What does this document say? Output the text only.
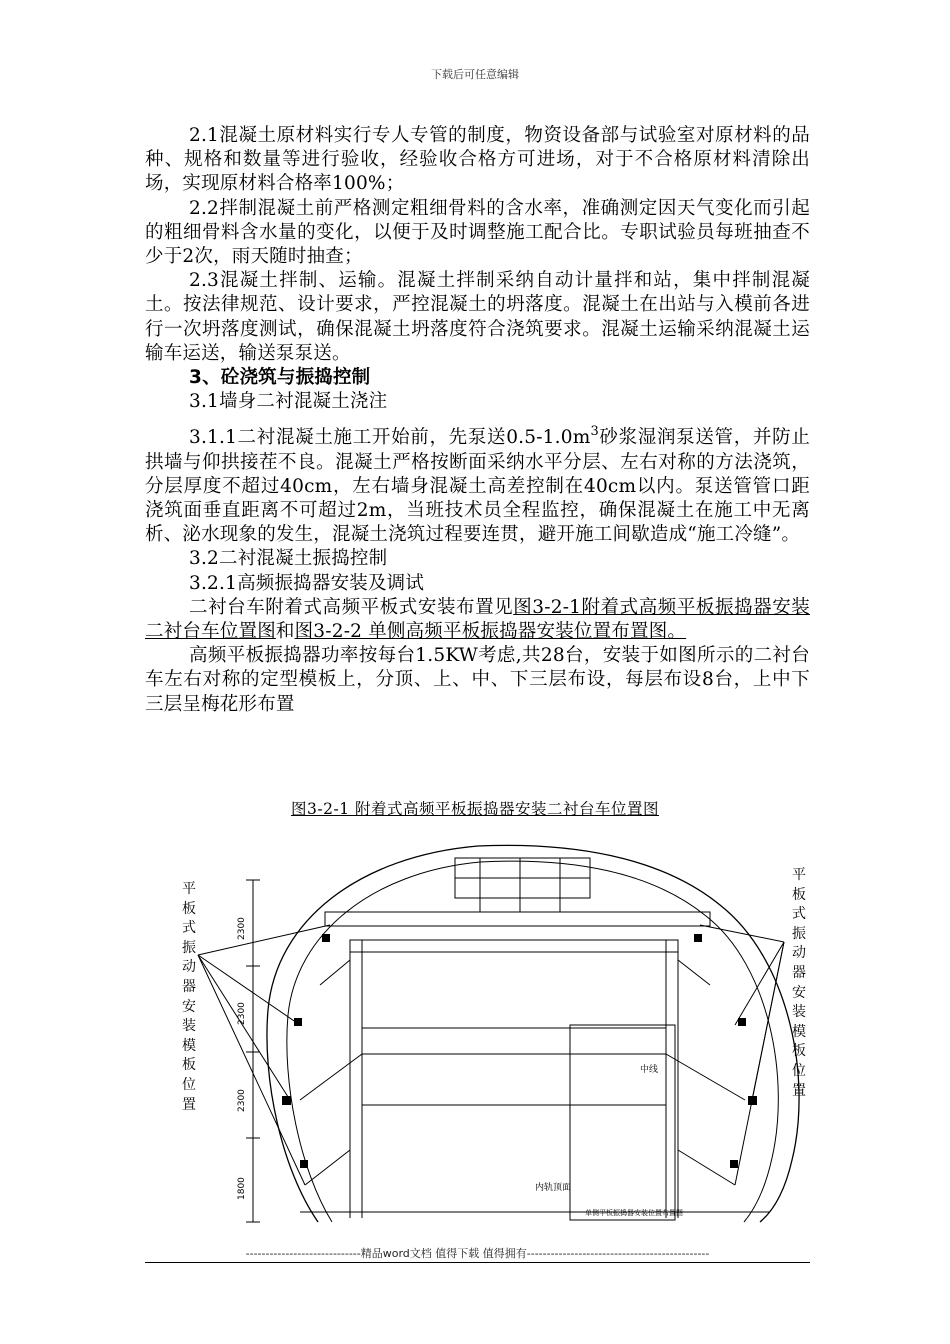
下载后可任意编辑

2.1混凝土原材料实行专人专管的制度，物资设备部与试验室对原材料的品种、规格和数量等进行验收，经验收合格方可进场，对于不合格原材料清除出场，实现原材料合格率100%；

2.2拌制混凝土前严格测定粗细骨料的含水率，准确测定因天气变化而引起的粗细骨料含水量的变化，以便于及时调整施工配合比。专职试验员每班抽查不少于2次，雨天随时抽查；

2.3混凝土拌制、运输。混凝土拌制采纳自动计量拌和站，集中拌制混凝土。按法律规范、设计要求，严控混凝土的坍落度。混凝土在出站与入模前各进行一次坍落度测试，确保混凝土坍落度符合浇筑要求。混凝土运输采纳混凝土运输车运送，输送泵泵送。

3、砼浇筑与振捣控制

3.1墙身二衬混凝土浇注

3.1.1二衬混凝土施工开始前，先泵送$0.5-1.0m^3$砂浆湿润泵送管，并防止拱墙与仰拱接茬不良。混凝土严格按断面采纳水平分层、左右对称的方法浇筑，分层厚度不超过40cm，左右墙身混凝土高差控制在40cm以内。泵送管管口距浇筑面垂直距离不可超过2m，当班技术员全程监控，确保混凝土在施工中无离析、泌水现象的发生，混凝土浇筑过程要连贯，避开施工间歇造成“施工冷缝”。

3.2二衬混凝土振捣控制

3.2.1高频振捣器安装及调试

二衬台车附着式高频平板式安装布置见图3-2-1附着式高频平板振捣器安装二衬台车位置图和图3-2-2 单侧高频平板振捣器安装位置布置图。

高频平板振捣器功率按每台1.5KW考虑,共28台，安装于如图所示的二衬台车左右对称的定型模板上，分顶、上、中、下三层布设，每层布设8台，上中下三层呈梅花形布置

图3-2-1 附着式高频平板振捣器安装二衬台车位置图
平
板
式
振
动
器
安
装
模
板
位
置
平
板
式
振
动
器
安
装
模
板
位
置
2300
2300
2300
1800	内轨顶面
中线
单侧平板振捣器安装位置布置图
-----------------------------精品word文档 值得下载 值得拥有----------------------------------------------
